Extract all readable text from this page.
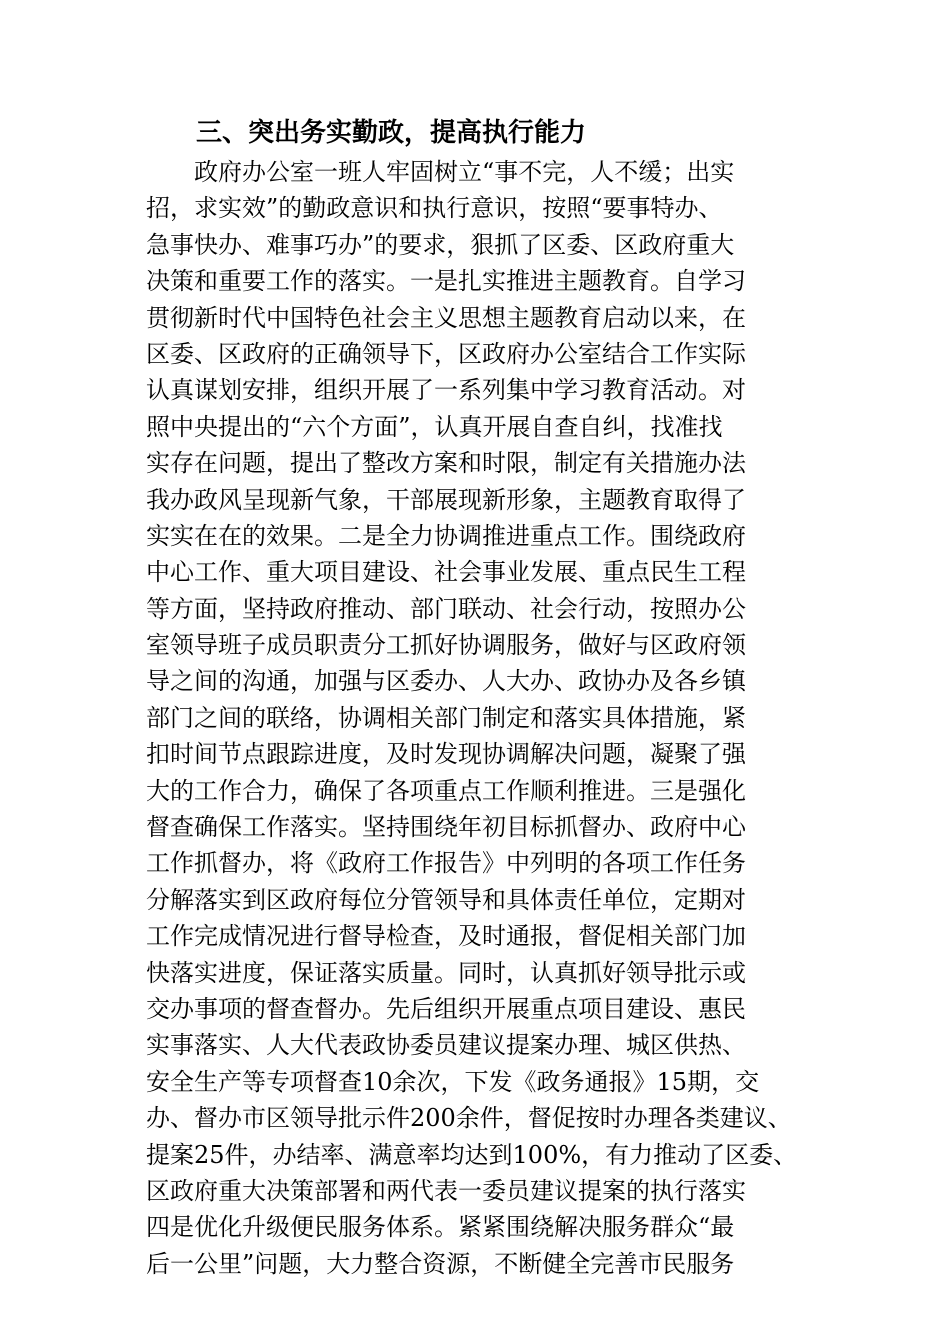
三、突出务实勤政，提高执行能力
政府办公室一班人牢固树立“事不完，人不缓；出实
招，求实效”的勤政意识和执行意识，按照“要事特办、
急事快办、难事巧办”的要求，狠抓了区委、区政府重大
决策和重要工作的落实。一是扎实推进主题教育。自学习
贯彻新时代中国特色社会主义思想主题教育启动以来，在
区委、区政府的正确领导下，区政府办公室结合工作实际
认真谋划安排，组织开展了一系列集中学习教育活动。对
照中央提出的“六个方面”，认真开展自查自纠，找准找
实存在问题，提出了整改方案和时限，制定有关措施办法
我办政风呈现新气象，干部展现新形象，主题教育取得了
实实在在的效果。二是全力协调推进重点工作。围绕政府
中心工作、重大项目建设、社会事业发展、重点民生工程
等方面，坚持政府推动、部门联动、社会行动，按照办公
室领导班子成员职责分工抓好协调服务，做好与区政府领
导之间的沟通，加强与区委办、人大办、政协办及各乡镇
部门之间的联络，协调相关部门制定和落实具体措施，紧
扣时间节点跟踪进度，及时发现协调解决问题，凝聚了强
大的工作合力，确保了各项重点工作顺利推进。三是强化
督查确保工作落实。坚持围绕年初目标抓督办、政府中心
工作抓督办，将《政府工作报告》中列明的各项工作任务
分解落实到区政府每位分管领导和具体责任单位，定期对
工作完成情况进行督导检查，及时通报，督促相关部门加
快落实进度，保证落实质量。同时，认真抓好领导批示或
交办事项的督查督办。先后组织开展重点项目建设、惠民
实事落实、人大代表政协委员建议提案办理、城区供热、
安全生产等专项督查10余次，下发《政务通报》15期，交
办、督办市区领导批示件200余件，督促按时办理各类建议、
提案25件，办结率、满意率均达到100%，有力推动了区委、
区政府重大决策部署和两代表一委员建议提案的执行落实
四是优化升级便民服务体系。紧紧围绕解决服务群众“最
后一公里”问题，大力整合资源，不断健全完善市民服务
